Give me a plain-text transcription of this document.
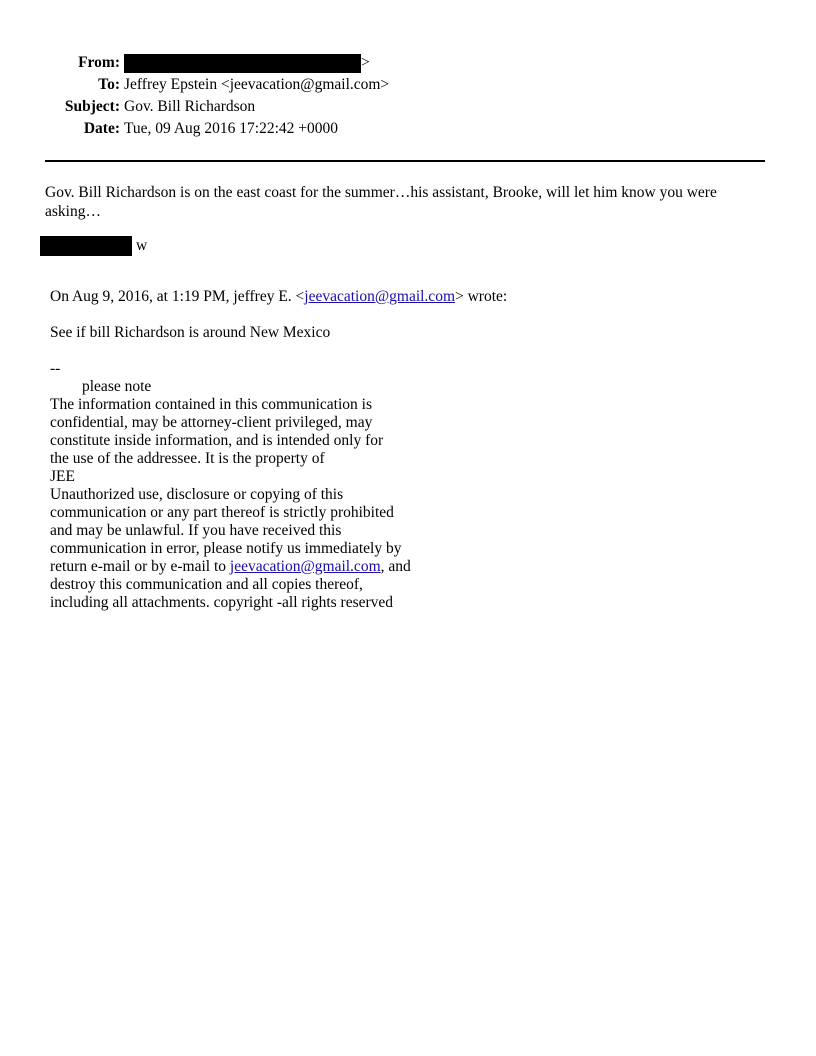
From:	>
To: Jeffrey Epstein <jeevacation@gmail.com>
Subject: Gov. Bill Richardson
Date: Tue, 09 Aug 2016 17:22:42 +0000
Gov. Bill Richardson is on the east coast for the summer…his assistant, Brooke, will let him know you were asking…
w
On Aug 9, 2016, at 1:19 PM, jeffrey E. <jeevacation@gmail.com> wrote:
See if bill Richardson is around New Mexico
--
please note
The information contained in this communication is
confidential, may be attorney-client privileged, may
constitute inside information, and is intended only for
the use of the addressee. It is the property of
JEE
Unauthorized use, disclosure or copying of this
communication or any part thereof is strictly prohibited
and may be unlawful. If you have received this
communication in error, please notify us immediately by
return e-mail or by e-mail to jeevacation@gmail.com, and
destroy this communication and all copies thereof,
including all attachments. copyright -all rights reserved
